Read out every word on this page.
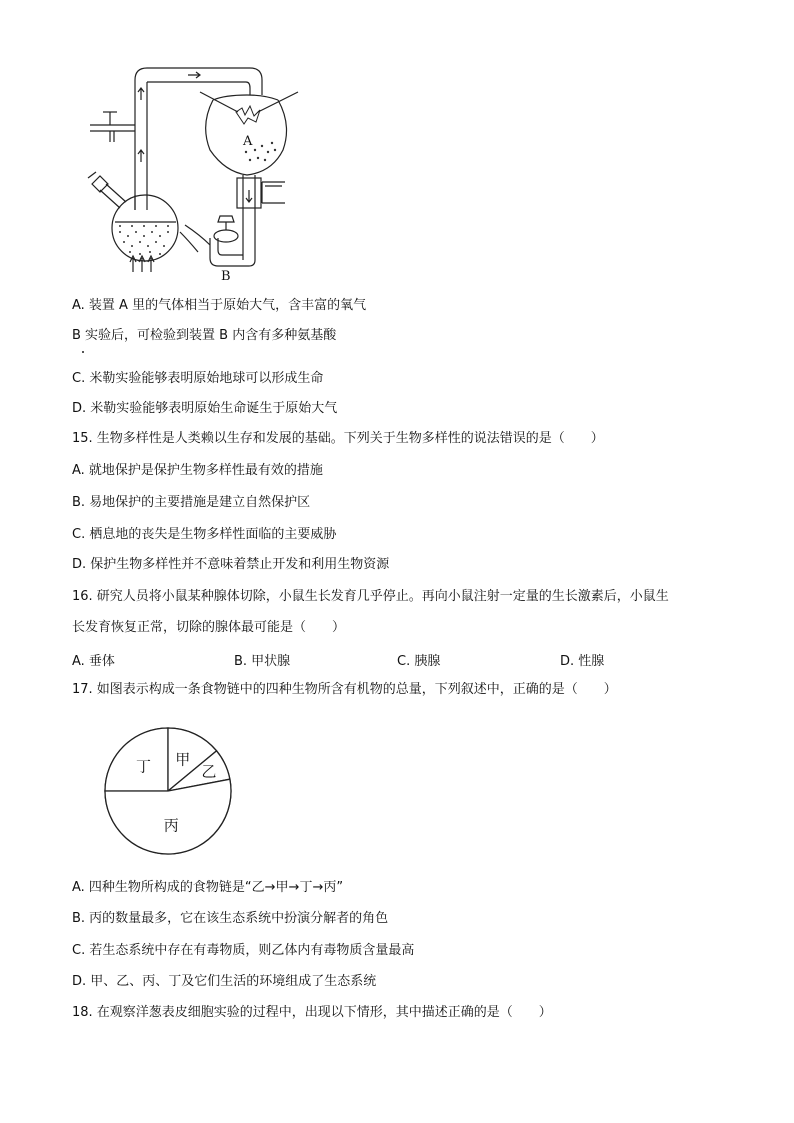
A
B
A. 装置 A 里的气体相当于原始大气，含丰富的氧气
B 实验后，可检验到装置 B 内含有多种氨基酸
C. 米勒实验能够表明原始地球可以形成生命
D. 米勒实验能够表明原始生命诞生于原始大气
15. 生物多样性是人类赖以生存和发展的基础。下列关于生物多样性的说法错误的是（　　）
A. 就地保护是保护生物多样性最有效的措施
B. 易地保护的主要措施是建立自然保护区
C. 栖息地的丧失是生物多样性面临的主要威胁
D. 保护生物多样性并不意味着禁止开发和利用生物资源
16. 研究人员将小鼠某种腺体切除，小鼠生长发育几乎停止。再向小鼠注射一定量的生长激素后，小鼠生
长发育恢复正常，切除的腺体最可能是（　　）
A. 垂体	B. 甲状腺	C. 胰腺	D. 性腺
17. 如图表示构成一条食物链中的四种生物所含有机物的总量，下列叙述中，正确的是（　　）
丁 甲
乙
丙
A. 四种生物所构成的食物链是“乙→甲→丁→丙”
B. 丙的数量最多，它在该生态系统中扮演分解者的角色
C. 若生态系统中存在有毒物质，则乙体内有毒物质含量最高
D. 甲、乙、丙、丁及它们生活的环境组成了生态系统
18. 在观察洋葱表皮细胞实验的过程中，出现以下情形，其中描述正确的是（　　）
